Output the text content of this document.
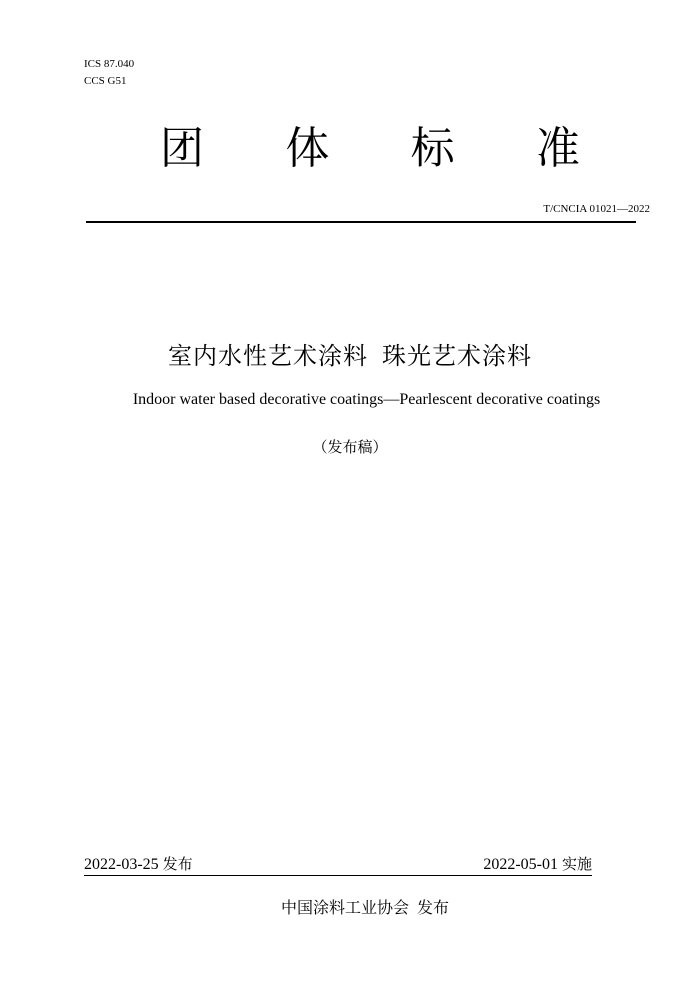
ICS 87.040
CCS G51
团 体 标 准
T/CNCIA 01021—2022
室内水性艺术涂料 珠光艺术涂料
Indoor water based decorative coatings—Pearlescent decorative coatings
（发布稿）
2022-03-25 发布	2022-05-01 实施
中国涂料工业协会 发布
